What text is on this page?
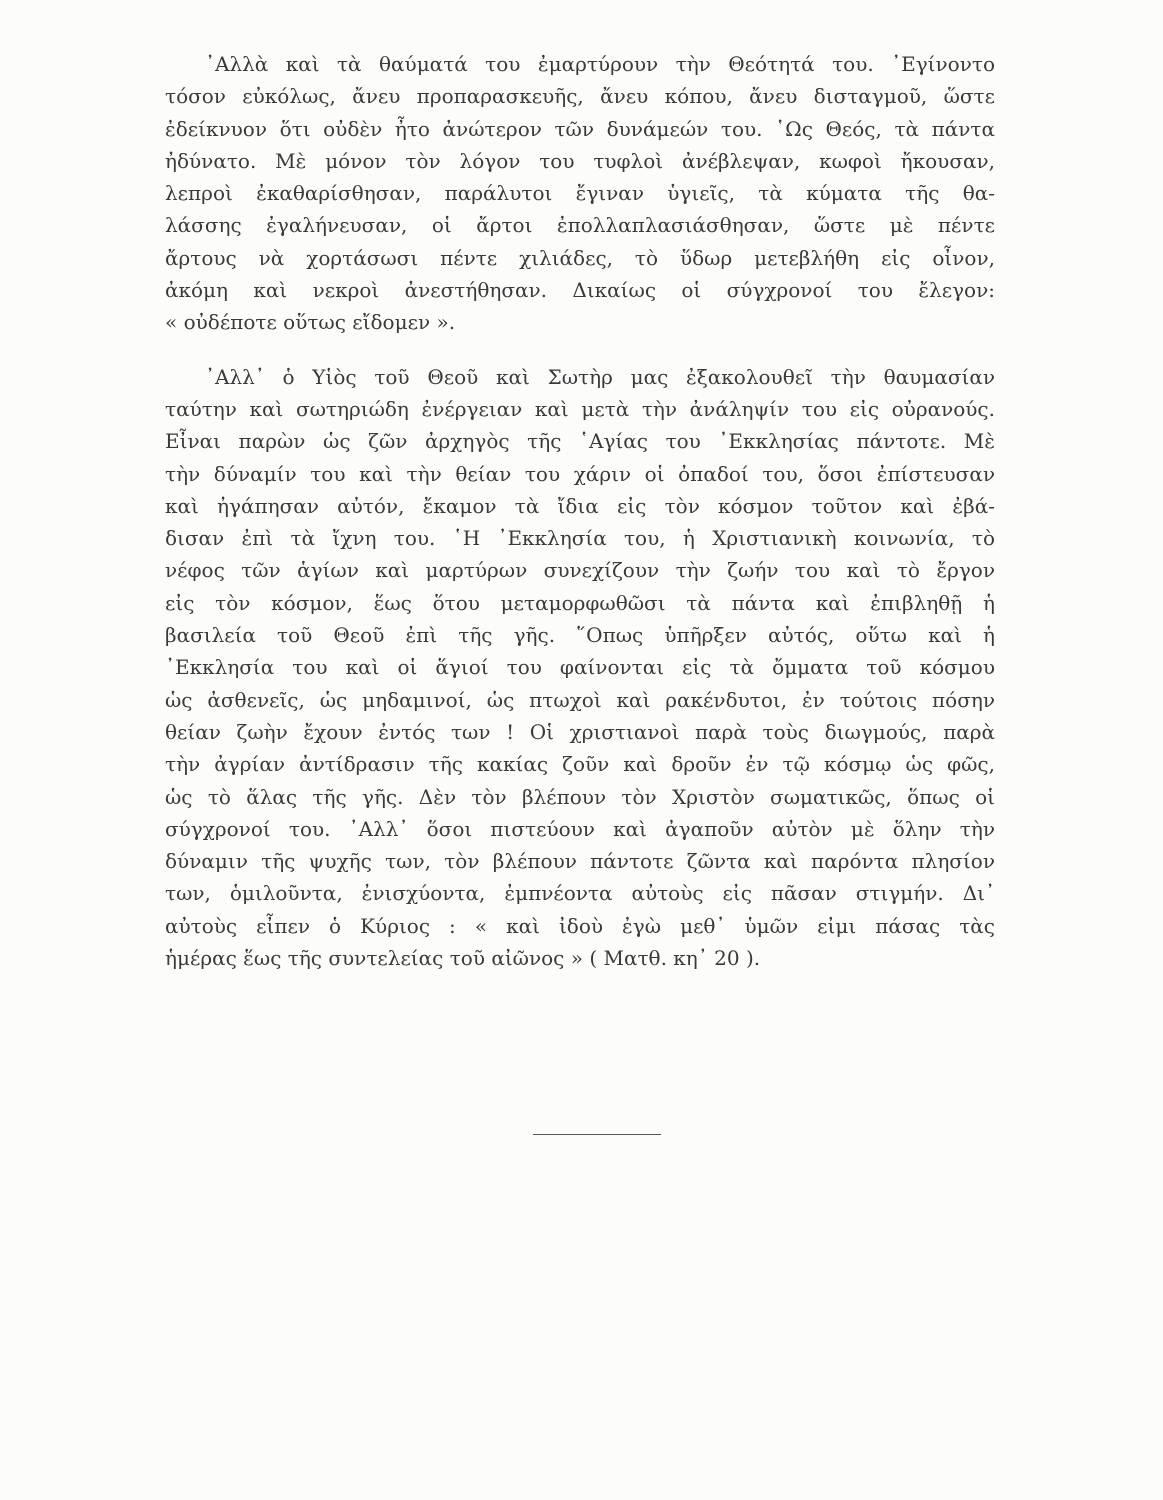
᾿Αλλὰ καὶ τὰ θαύματά του ἐμαρτύρουν τὴν Θεότητά του. ᾿Εγίνοντο
τόσον εὐκόλως, ἄνευ προπαρασκευῆς, ἄνευ κόπου, ἄνευ δισταγμοῦ, ὥστε
ἐδείκνυον ὅτι οὐδὲν ἦτο ἀνώτερον τῶν δυνάμεών του. ῾Ως Θεός, τὰ πάντα
ἠδύνατο. Μὲ μόνον τὸν λόγον του τυφλοὶ ἀνέβλεψαν, κωφοὶ ἤκουσαν,
λεπροὶ ἐκαθαρίσθησαν, παράλυτοι ἔγιναν ὑγιεῖς, τὰ κύματα τῆς θα-
λάσσης ἐγαλήνευσαν, οἱ ἄρτοι ἐπολλαπλασιάσθησαν, ὥστε μὲ πέντε
ἄρτους νὰ χορτάσωσι πέντε χιλιάδες, τὸ ὕδωρ μετεβλήθη εἰς οἶνον,
ἀκόμη καὶ νεκροὶ ἀνεστήθησαν. Δικαίως οἱ σύγχρονοί του ἔλεγον:
« οὐδέποτε οὕτως εἴδομεν ».
᾿Αλλ᾿ ὁ Υἱὸς τοῦ Θεοῦ καὶ Σωτὴρ μας ἐξακολουθεῖ τὴν θαυμασίαν
ταύτην καὶ σωτηριώδη ἐνέργειαν καὶ μετὰ τὴν ἀνάληψίν του εἰς οὐρανούς.
Εἶναι παρὼν ὡς ζῶν ἀρχηγὸς τῆς ῾Αγίας του ᾿Εκκλησίας πάντοτε. Μὲ
τὴν δύναμίν του καὶ τὴν θείαν του χάριν οἱ ὀπαδοί του, ὅσοι ἐπίστευσαν
καὶ ἠγάπησαν αὐτόν, ἔκαμον τὰ ἴδια εἰς τὸν κόσμον τοῦτον καὶ ἐβά-
δισαν ἐπὶ τὰ ἴχνη του. ῾Η ᾿Εκκλησία του, ἡ Χριστιανικὴ κοινωνία, τὸ
νέφος τῶν ἁγίων καὶ μαρτύρων συνεχίζουν τὴν ζωήν του καὶ τὸ ἔργον
εἰς τὸν κόσμον, ἕως ὅτου μεταμορφωθῶσι τὰ πάντα καὶ ἐπιβληθῇ ἡ
βασιλεία τοῦ Θεοῦ ἐπὶ τῆς γῆς. ῞Οπως ὑπῆρξεν αὐτός, οὕτω καὶ ἡ
᾿Εκκλησία του καὶ οἱ ἅγιοί του φαίνονται εἰς τὰ ὄμματα τοῦ κόσμου
ὡς ἀσθενεῖς, ὡς μηδαμινοί, ὡς πτωχοὶ καὶ ρακένδυτοι, ἐν τούτοις πόσην
θείαν ζωὴν ἔχουν ἐντός των ! Οἱ χριστιανοὶ παρὰ τοὺς διωγμούς, παρὰ
τὴν ἀγρίαν ἀντίδρασιν τῆς κακίας ζοῦν καὶ δροῦν ἐν τῷ κόσμῳ ὡς φῶς,
ὡς τὸ ἅλας τῆς γῆς. Δὲν τὸν βλέπουν τὸν Χριστὸν σωματικῶς, ὅπως οἱ
σύγχρονοί του. ᾿Αλλ᾿ ὅσοι πιστεύουν καὶ ἀγαποῦν αὐτὸν μὲ ὅλην τὴν
δύναμιν τῆς ψυχῆς των, τὸν βλέπουν πάντοτε ζῶντα καὶ παρόντα πλησίον
των, ὁμιλοῦντα, ἐνισχύοντα, ἐμπνέοντα αὐτοὺς εἰς πᾶσαν στιγμήν. Δι᾿
αὐτοὺς εἶπεν ὁ Κύριος : « καὶ ἰδοὺ ἐγὼ μεθ᾿ ὑμῶν εἰμι πάσας τὰς
ἡμέρας ἕως τῆς συντελείας τοῦ αἰῶνος » ( Ματθ. κη᾿ 20 ).
